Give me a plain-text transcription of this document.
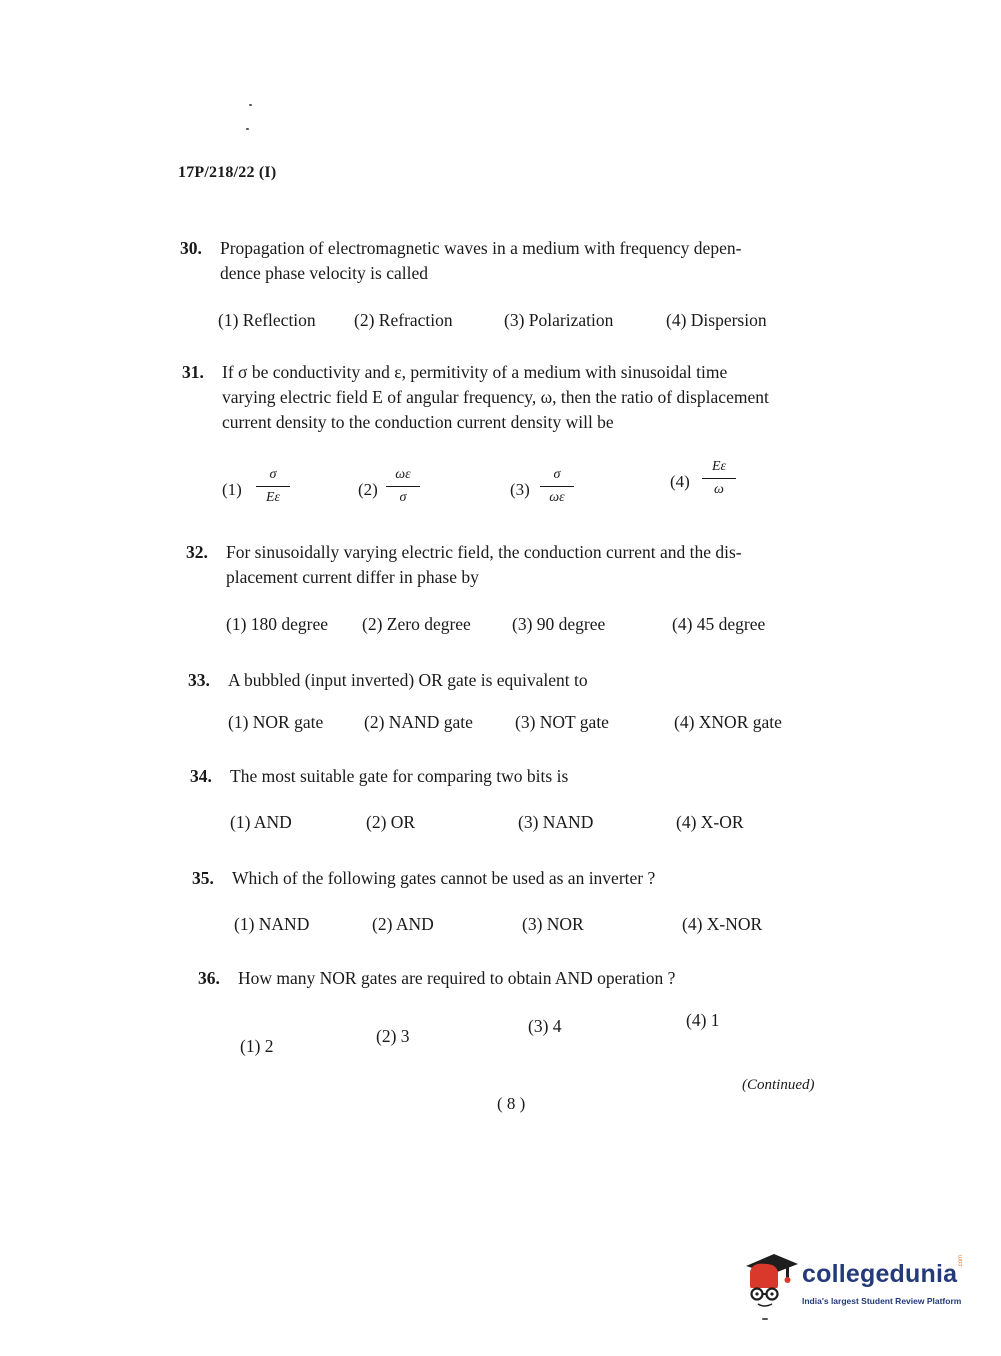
17P/218/22 (I)
30. Propagation of electromagnetic waves in a medium with frequency depen-
dence phase velocity is called
(1) Reflection (2) Refraction	(3) Polarization	(4) Dispersion
31. If σ be conductivity and ε, permitivity of a medium with sinusoidal time
varying electric field E of angular frequency, ω, then the ratio of displacement
current density to the conduction current density will be
(1)
σ
Eε	(2)
ωε
σ	(3)
σ
ωε
(4)
Eε
ω
32. For sinusoidally varying electric field, the conduction current and the dis-
placement current differ in phase by
(1) 180 degree (2) Zero degree (3) 90 degree	(4) 45 degree
33. A bubbled (input inverted) OR gate is equivalent to
(1) NOR gate (2) NAND gate (3) NOT gate	(4) XNOR gate
34. The most suitable gate for comparing two bits is
(1) AND	(2) OR	(3) NAND	(4) X-OR
35. Which of the following gates cannot be used as an inverter ?
(1) NAND	(2) AND	(3) NOR	(4) X-NOR
36. How many NOR gates are required to obtain AND operation ?
(1) 2	(2) 3	(3) 4	(4) 1
(Continued)
( 8 )
collegedunia .com
India's largest Student Review Platform
